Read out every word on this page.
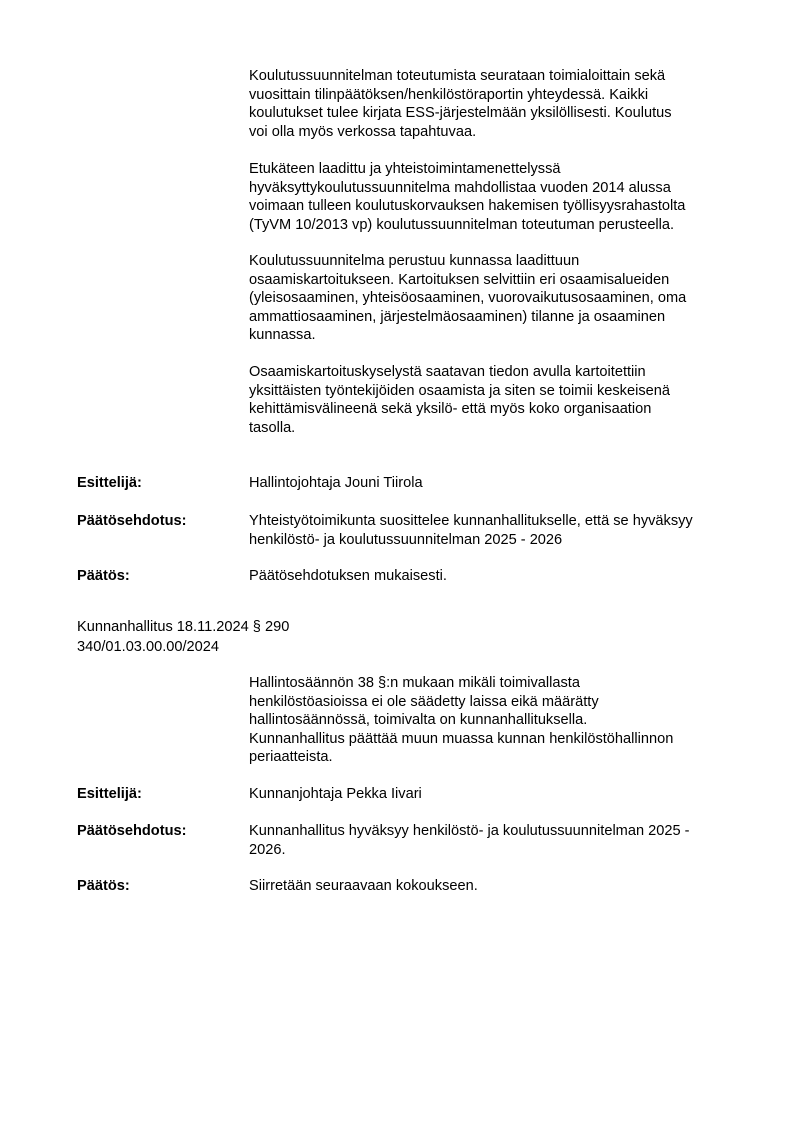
Koulutussuunnitelman toteutumista seurataan toimialoittain sekä
vuosittain tilinpäätöksen/henkilöstöraportin yhteydessä. Kaikki
koulutukset tulee kirjata ESS-järjestelmään yksilöllisesti. Koulutus
voi olla myös verkossa tapahtuvaa.

Etukäteen laadittu ja yhteistoimintamenettelyssä
hyväksyttykoulutussuunnitelma mahdollistaa vuoden 2014 alussa
voimaan tulleen koulutuskorvauksen hakemisen työllisyysrahastolta
(TyVM 10/2013 vp) koulutussuunnitelman toteutuman perusteella.

Koulutussuunnitelma perustuu kunnassa laadittuun
osaamiskartoitukseen. Kartoituksen selvittiin eri osaamisalueiden
(yleisosaaminen, yhteisöosaaminen, vuorovaikutusosaaminen, oma
ammattiosaaminen, järjestelmäosaaminen) tilanne ja osaaminen
kunnassa.

Osaamiskartoituskyselystä saatavan tiedon avulla kartoitettiin
yksittäisten työntekijöiden osaamista ja siten se toimii keskeisenä
kehittämisvälineenä sekä yksilö- että myös koko organisaation
tasolla.

Esittelijä:	Hallintojohtaja Jouni Tiirola
Päätösehdotus:	Yhteistyötoimikunta suosittelee kunnanhallitukselle, että se hyväksyy
henkilöstö- ja koulutussuunnitelman 2025 - 2026
Päätös:	Päätösehdotuksen mukaisesti.
Kunnanhallitus 18.11.2024 § 290
340/01.03.00.00/2024

Hallintosäännön 38 §:n mukaan mikäli toimivallasta
henkilöstöasioissa ei ole säädetty laissa eikä määrätty
hallintosäännössä, toimivalta on kunnanhallituksella.
Kunnanhallitus päättää muun muassa kunnan henkilöstöhallinnon
periaatteista.

Esittelijä:	Kunnanjohtaja Pekka Iivari
Päätösehdotus:	Kunnanhallitus hyväksyy henkilöstö- ja koulutussuunnitelman 2025 -
2026.
Päätös:	Siirretään seuraavaan kokoukseen.
